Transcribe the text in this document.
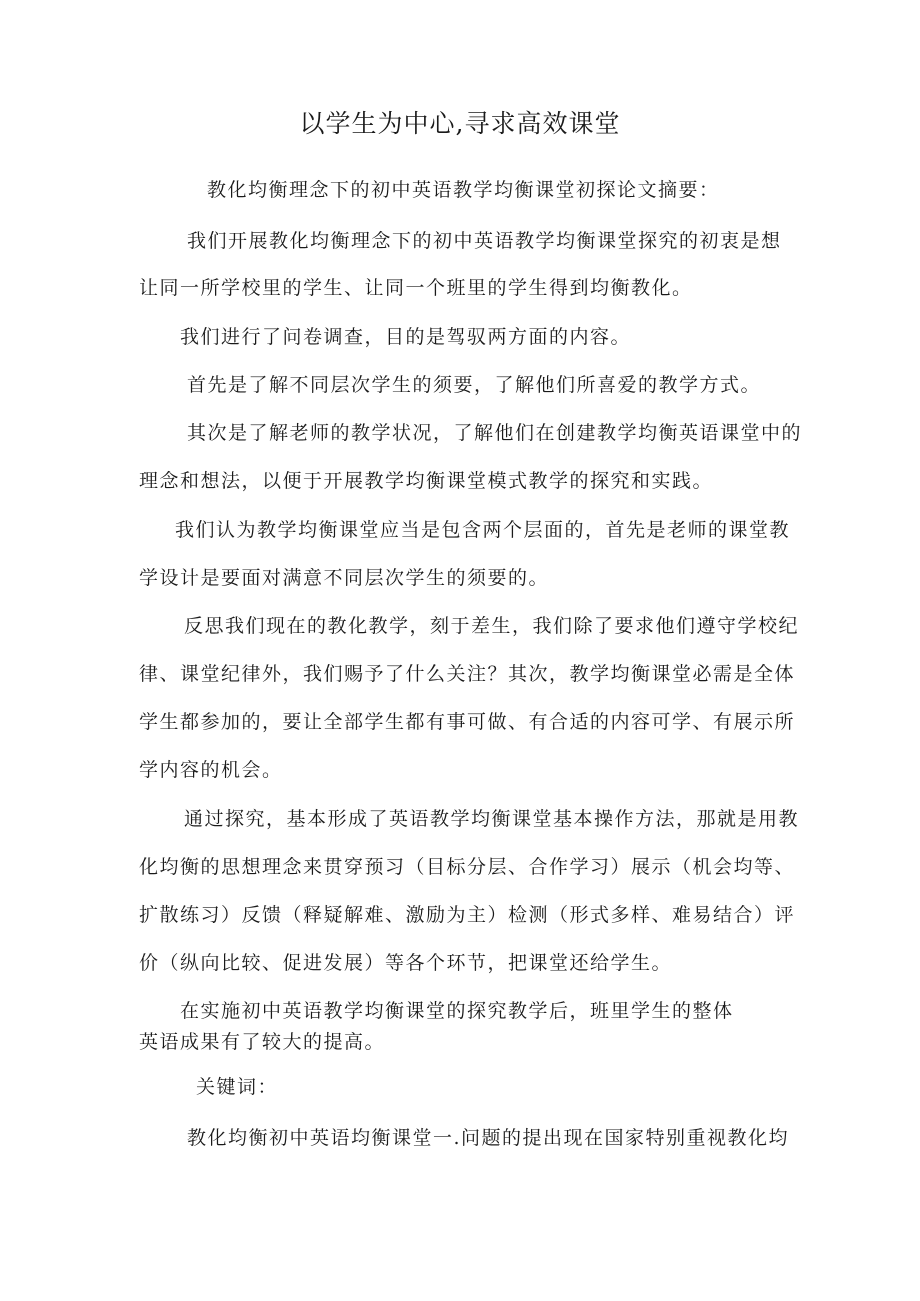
以学生为中心,寻求高效课堂
教化均衡理念下的初中英语教学均衡课堂初探论文摘要：
我们开展教化均衡理念下的初中英语教学均衡课堂探究的初衷是想
让同一所学校里的学生、让同一个班里的学生得到均衡教化。
我们进行了问卷调查，目的是驾驭两方面的内容。
首先是了解不同层次学生的须要，了解他们所喜爱的教学方式。
其次是了解老师的教学状况，了解他们在创建教学均衡英语课堂中的
理念和想法，以便于开展教学均衡课堂模式教学的探究和实践。
我们认为教学均衡课堂应当是包含两个层面的，首先是老师的课堂教
学设计是要面对满意不同层次学生的须要的。
反思我们现在的教化教学，刻于差生，我们除了要求他们遵守学校纪
律、课堂纪律外，我们赐予了什么关注？其次，教学均衡课堂必需是全体
学生都参加的，要让全部学生都有事可做、有合适的内容可学、有展示所
学内容的机会。
通过探究，基本形成了英语教学均衡课堂基本操作方法，那就是用教
化均衡的思想理念来贯穿预习（目标分层、合作学习）展示（机会均等、
扩散练习）反馈（释疑解难、激励为主）检测（形式多样、难易结合）评
价（纵向比较、促进发展）等各个环节，把课堂还给学生。
在实施初中英语教学均衡课堂的探究教学后，班里学生的整体
英语成果有了较大的提高。
关键词：
教化均衡初中英语均衡课堂一.问题的提出现在国家特别重视教化均
